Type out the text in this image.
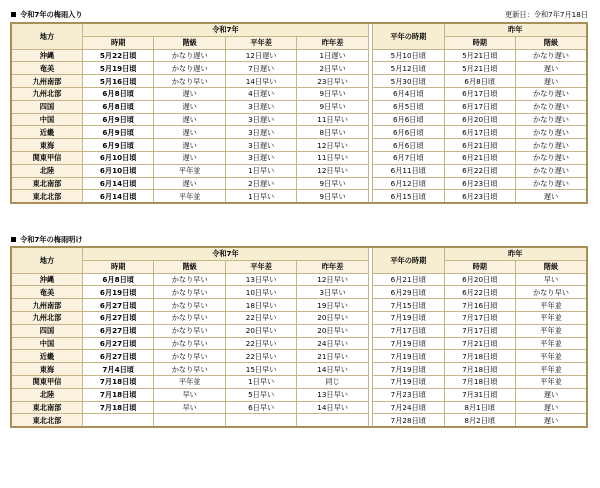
令和7年の梅雨入り	更新日：令和7年7月18日
地方	令和7年					平年の時期	昨年	
	時期	階級	平年差	昨年差			時期	階級
沖縄	5月22日頃	かなり遅い	12日遅い	1日遅い		5月10日頃	5月21日頃	かなり遅い
奄美	5月19日頃	かなり遅い	7日遅い	2日早い		5月12日頃	5月21日頃	遅い
九州南部	5月16日頃	かなり早い	14日早い	23日早い		5月30日頃	6月8日頃	遅い
九州北部	6月8日頃	遅い	4日遅い	9日早い		6月4日頃	6月17日頃	かなり遅い
四国	6月8日頃	遅い	3日遅い	9日早い		6月5日頃	6月17日頃	かなり遅い
中国	6月9日頃	遅い	3日遅い	11日早い		6月6日頃	6月20日頃	かなり遅い
近畿	6月9日頃	遅い	3日遅い	8日早い		6月6日頃	6月17日頃	かなり遅い
東海	6月9日頃	遅い	3日遅い	12日早い		6月6日頃	6月21日頃	かなり遅い
関東甲信	6月10日頃	遅い	3日遅い	11日早い		6月7日頃	6月21日頃	かなり遅い
北陸	6月10日頃	平年並	1日早い	12日早い		6月11日頃	6月22日頃	かなり遅い
東北南部	6月14日頃	遅い	2日遅い	9日早い		6月12日頃	6月23日頃	かなり遅い
東北北部	6月14日頃	平年並	1日早い	9日早い		6月15日頃	6月23日頃	遅い
令和7年の梅雨明け
地方	令和7年					平年の時期	昨年	
	時期	階級	平年差	昨年差			時期	階級
沖縄	6月8日頃	かなり早い	13日早い	12日早い		6月21日頃	6月20日頃	早い
奄美	6月19日頃	かなり早い	10日早い	3日早い		6月29日頃	6月22日頃	かなり早い
九州南部	6月27日頃	かなり早い	18日早い	19日早い		7月15日頃	7月16日頃	平年並
九州北部	6月27日頃	かなり早い	22日早い	20日早い		7月19日頃	7月17日頃	平年並
四国	6月27日頃	かなり早い	20日早い	20日早い		7月17日頃	7月17日頃	平年並
中国	6月27日頃	かなり早い	22日早い	24日早い		7月19日頃	7月21日頃	平年並
近畿	6月27日頃	かなり早い	22日早い	21日早い		7月19日頃	7月18日頃	平年並
東海	7月4日頃	かなり早い	15日早い	14日早い		7月19日頃	7月18日頃	平年並
関東甲信	7月18日頃	平年並	1日早い	同じ		7月19日頃	7月18日頃	平年並
北陸	7月18日頃	早い	5日早い	13日早い		7月23日頃	7月31日頃	遅い
東北南部	7月18日頃	早い	6日早い	14日早い		7月24日頃	8月1日頃	遅い
東北北部						7月28日頃	8月2日頃	遅い
